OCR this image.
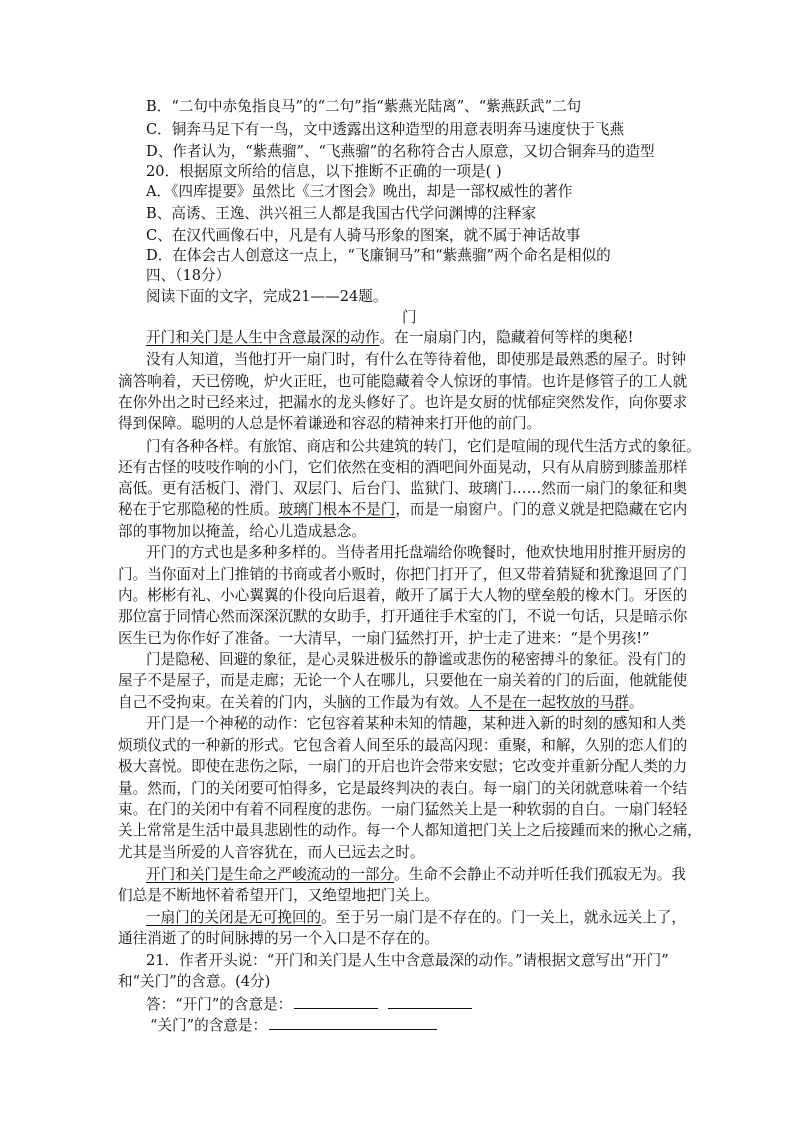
B．“二句中赤兔指良马”的“二句”指“紫燕光陆离”、“紫燕跃武”二句
C．铜奔马足下有一鸟，文中透露出这种造型的用意表明奔马速度快于飞燕
D、作者认为，“紫燕骝”、“飞燕骝”的名称符合古人原意，又切合铜奔马的造型
20．根据原文所给的信息，以下推断不正确的一项是( )
A．《四库提要》虽然比《三才图会》晚出，却是一部权威性的著作
B、高诱、王逸、洪兴祖三人都是我国古代学问渊博的注释家
C、在汉代画像石中，凡是有人骑马形象的图案，就不属于神话故事
D．在体会古人创意这一点上，“飞廉铜马”和“紫燕骝”两个命名是相似的
四、（18分）
阅读下面的文字，完成21——24题。
门
开门和关门是人生中含意最深的动作。在一扇扇门内，隐藏着何等样的奥秘!
没有人知道，当他打开一扇门时，有什么在等待着他，即使那是最熟悉的屋子。时钟
滴答响着，天已傍晚，炉火正旺，也可能隐藏着令人惊讶的事情。也许是修管子的工人就
在你外出之时已经来过，把漏水的龙头修好了。也许是女厨的忧郁症突然发作，向你要求
得到保障。聪明的人总是怀着谦逊和容忍的精神来打开他的前门。
门有各种各样。有旅馆、商店和公共建筑的转门，它们是喧闹的现代生活方式的象征。
还有古怪的吱吱作响的小门，它们依然在变相的酒吧间外面晃动，只有从肩膀到膝盖那样
高低。更有活板门、滑门、双层门、后台门、监狱门、玻璃门……然而一扇门的象征和奥
秘在于它那隐秘的性质。玻璃门根本不是门，而是一扇窗户。门的意义就是把隐藏在它内
部的事物加以掩盖，给心儿造成悬念。
开门的方式也是多种多样的。当侍者用托盘端给你晚餐时，他欢快地用肘推开厨房的
门。当你面对上门推销的书商或者小贩时，你把门打开了，但又带着猜疑和犹豫退回了门
内。彬彬有礼、小心翼翼的仆役向后退着，敞开了属于大人物的壁垒般的橡木门。牙医的
那位富于同情心然而深深沉默的女助手，打开通往手术室的门，不说一句话，只是暗示你
医生已为你作好了准备。一大清早，一扇门猛然打开，护士走了进来：“是个男孩!”
门是隐秘、回避的象征，是心灵躲进极乐的静谧或悲伤的秘密搏斗的象征。没有门的
屋子不是屋子，而是走廊；无论一个人在哪儿，只要他在一扇关着的门的后面，他就能使
自己不受拘束。在关着的门内，头脑的工作最为有效。人不是在一起牧放的马群。
开门是一个神秘的动作：它包容着某种未知的情趣，某种进入新的时刻的感知和人类
烦琐仪式的一种新的形式。它包含着人间至乐的最高闪现：重聚，和解，久别的恋人们的
极大喜悦。即使在悲伤之际，一扇门的开启也许会带来安慰；它改变并重新分配人类的力
量。然而，门的关闭要可怕得多，它是最终判决的表白。每一扇门的关闭就意味着一个结
束。在门的关闭中有着不同程度的悲伤。一扇门猛然关上是一种软弱的自白。一扇门轻轻
关上常常是生活中最具悲剧性的动作。每一个人都知道把门关上之后接踵而来的揪心之痛，
尤其是当所爱的人音容犹在，而人已远去之时。
开门和关门是生命之严峻流动的一部分。生命不会静止不动并听任我们孤寂无为。我
们总是不断地怀着希望开门，又绝望地把门关上。
一扇门的关闭是无可挽回的。至于另一扇门是不存在的。门一关上，就永远关上了，
通往消逝了的时间脉搏的另一个入口是不存在的。
21．作者开头说：“开门和关门是人生中含意最深的动作。”请根据文意写出“开门”
和“关门”的含意。(4分)
答：“开门”的含意是：
“关门”的含意是：
